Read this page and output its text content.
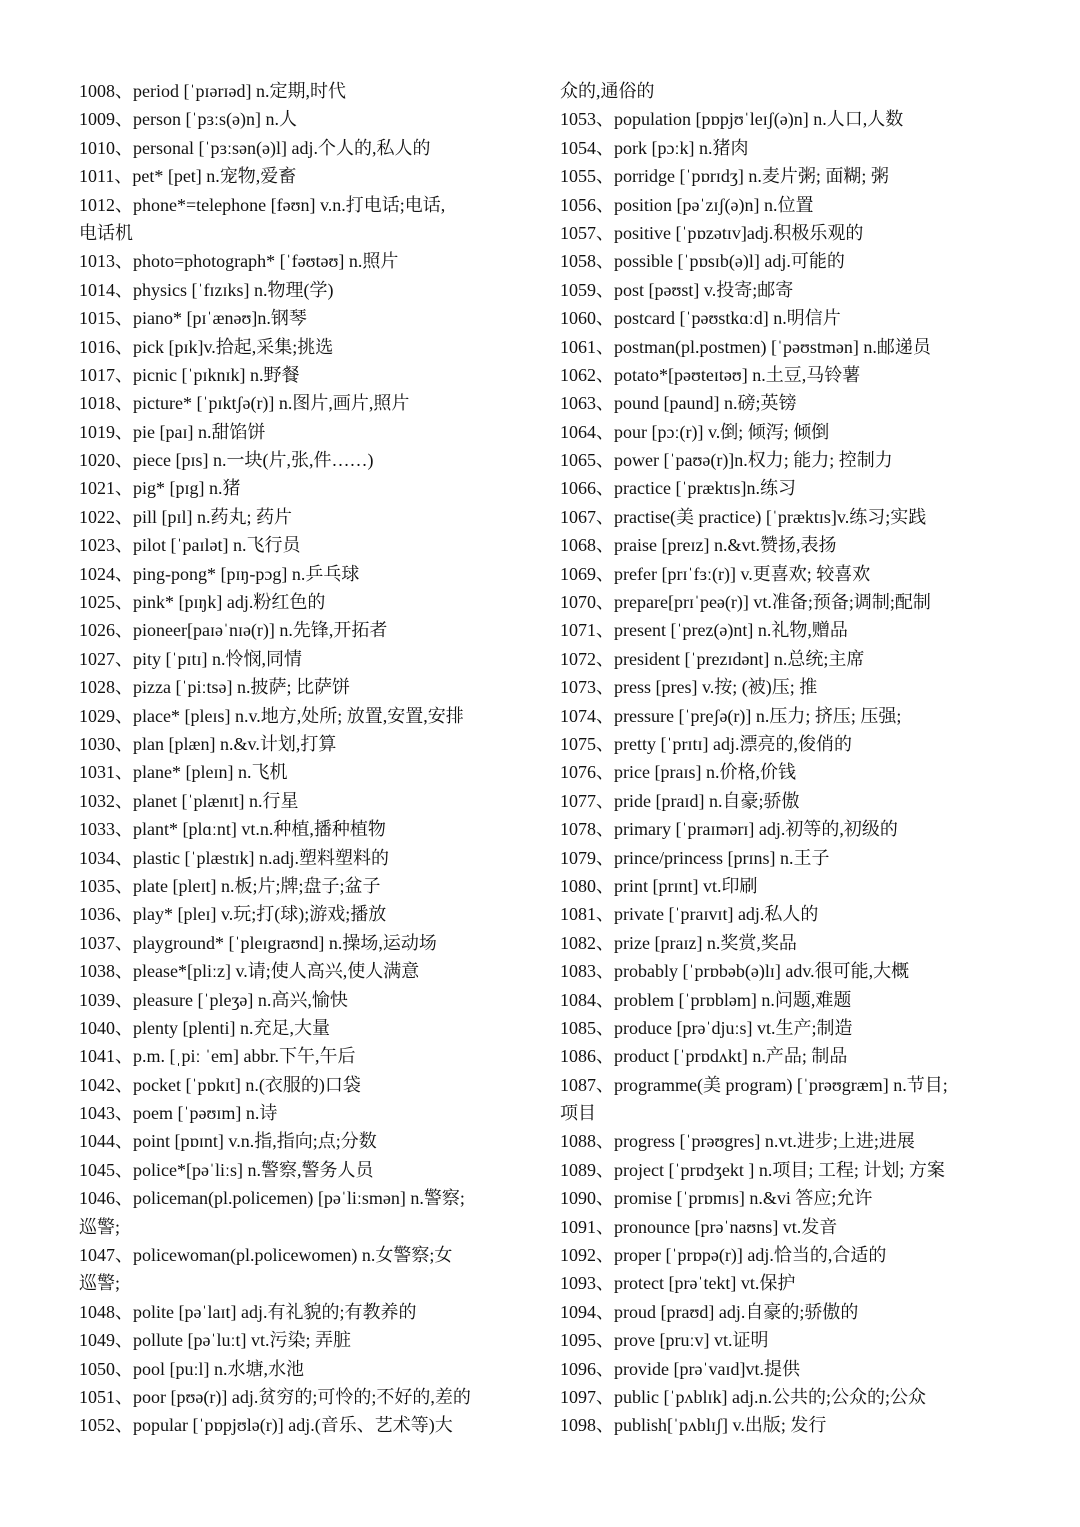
1008、period [ˈpɪərɪəd] n.定期,时代
1009、person [ˈpɜːs(ə)n] n.人
1010、personal [ˈpɜːsən(ə)l] adj.个人的,私人的
1011、pet* [pet] n.宠物,爱畜
1012、phone*=telephone [fəʊn] v.n.打电话;电话,
电话机
1013、photo=photograph* [ˈfəʊtəʊ] n.照片
1014、physics [ˈfɪzɪks] n.物理(学)
1015、piano* [pɪˈænəʊ]n.钢琴
1016、pick [pɪk]v.拾起,采集;挑选
1017、picnic [ˈpɪknɪk] n.野餐
1018、picture* [ˈpɪktʃə(r)] n.图片,画片,照片
1019、pie [paɪ] n.甜馅饼
1020、piece [pɪs] n.一块(片,张,件……)
1021、pig* [pɪg] n.猪
1022、pill [pɪl] n.药丸; 药片
1023、pilot [ˈpaɪlət] n.飞行员
1024、ping-pong* [pɪŋ-pɔg] n.乒乓球
1025、pink* [pɪŋk] adj.粉红色的
1026、pioneer[paɪəˈnɪə(r)] n.先锋,开拓者
1027、pity [ˈpɪtɪ] n.怜悯,同情
1028、pizza [ˈpiːtsə] n.披萨; 比萨饼
1029、place* [pleɪs] n.v.地方,处所; 放置,安置,安排
1030、plan [plæn] n.&v.计划,打算
1031、plane* [pleɪn] n.飞机
1032、planet [ˈplænɪt] n.行星
1033、plant* [plɑːnt] vt.n.种植,播种植物
1034、plastic [ˈplæstɪk] n.adj.塑料塑料的
1035、plate [pleɪt] n.板;片;牌;盘子;盆子
1036、play* [pleɪ] v.玩;打(球);游戏;播放
1037、playground* [ˈpleɪgraʊnd] n.操场,运动场
1038、please*[pliːz] v.请;使人高兴,使人满意
1039、pleasure [ˈpleʒə] n.高兴,愉快
1040、plenty [plenti] n.充足,大量
1041、p.m. [ˌpiː ˈem] abbr.下午,午后
1042、pocket [ˈpɒkɪt] n.(衣服的)口袋
1043、poem [ˈpəʊɪm] n.诗
1044、point [pɒɪnt] v.n.指,指向;点;分数
1045、police*[pəˈliːs] n.警察,警务人员
1046、policeman(pl.policemen) [pəˈliːsmən] n.警察;
巡警;
1047、policewoman(pl.policewomen) n.女警察;女
巡警;
1048、polite [pəˈlaɪt] adj.有礼貌的;有教养的
1049、pollute [pəˈluːt] vt.污染; 弄脏
1050、pool [puːl] n.水塘,水池
1051、poor [pʊə(r)] adj.贫穷的;可怜的;不好的,差的
1052、popular [ˈpɒpjʊlə(r)] adj.(音乐、艺术等)大
众的,通俗的
1053、population [pɒpjʊˈleɪʃ(ə)n] n.人口,人数
1054、pork [pɔːk] n.猪肉
1055、porridge [ˈpɒrɪdʒ] n.麦片粥; 面糊; 粥
1056、position [pəˈzɪʃ(ə)n] n.位置
1057、positive [ˈpɒzətɪv]adj.积极乐观的
1058、possible [ˈpɒsɪb(ə)l] adj.可能的
1059、post [pəʊst] v.投寄;邮寄
1060、postcard [ˈpəʊstkɑːd] n.明信片
1061、postman(pl.postmen) [ˈpəʊstmən] n.邮递员
1062、potato*[pəʊteɪtəʊ] n.土豆,马铃薯
1063、pound [paund] n.磅;英镑
1064、pour [pɔː(r)] v.倒; 倾泻; 倾倒
1065、power [ˈpaʊə(r)]n.权力; 能力; 控制力
1066、practice [ˈpræktɪs]n.练习
1067、practise(美 practice) [ˈpræktɪs]v.练习;实践
1068、praise [preɪz] n.&vt.赞扬,表扬
1069、prefer [prɪˈfɜː(r)] v.更喜欢; 较喜欢
1070、prepare[prɪˈpeə(r)] vt.准备;预备;调制;配制
1071、present [ˈprez(ə)nt] n.礼物,赠品
1072、president [ˈprezɪdənt] n.总统;主席
1073、press [pres] v.按; (被)压; 推
1074、pressure [ˈpreʃə(r)] n.压力; 挤压; 压强;
1075、pretty [ˈprɪtɪ] adj.漂亮的,俊俏的
1076、price [praɪs] n.价格,价钱
1077、pride [praɪd] n.自豪;骄傲
1078、primary [ˈpraɪmərɪ] adj.初等的,初级的
1079、prince/princess [prɪns] n.王子
1080、print [prɪnt] vt.印刷
1081、private [ˈpraɪvɪt] adj.私人的
1082、prize [praɪz] n.奖赏,奖品
1083、probably [ˈprɒbəb(ə)lɪ] adv.很可能,大概
1084、problem [ˈprɒbləm] n.问题,难题
1085、produce [prəˈdjuːs] vt.生产;制造
1086、product [ˈprɒdʌkt] n.产品; 制品
1087、programme(美 program) [ˈprəʊgræm] n.节目;
项目
1088、progress [ˈprəʊgres] n.vt.进步;上进;进展
1089、project [ˈprɒdʒekt ] n.项目; 工程; 计划; 方案
1090、promise [ˈprɒmɪs] n.&vi 答应;允许
1091、pronounce [prəˈnaʊns] vt.发音
1092、proper [ˈprɒpə(r)] adj.恰当的,合适的
1093、protect [prəˈtekt] vt.保护
1094、proud [praʊd] adj.自豪的;骄傲的
1095、prove [pruːv] vt.证明
1096、provide [prəˈvaɪd]vt.提供
1097、public [ˈpʌblɪk] adj.n.公共的;公众的;公众
1098、publish[ˈpʌblɪʃ] v.出版; 发行
